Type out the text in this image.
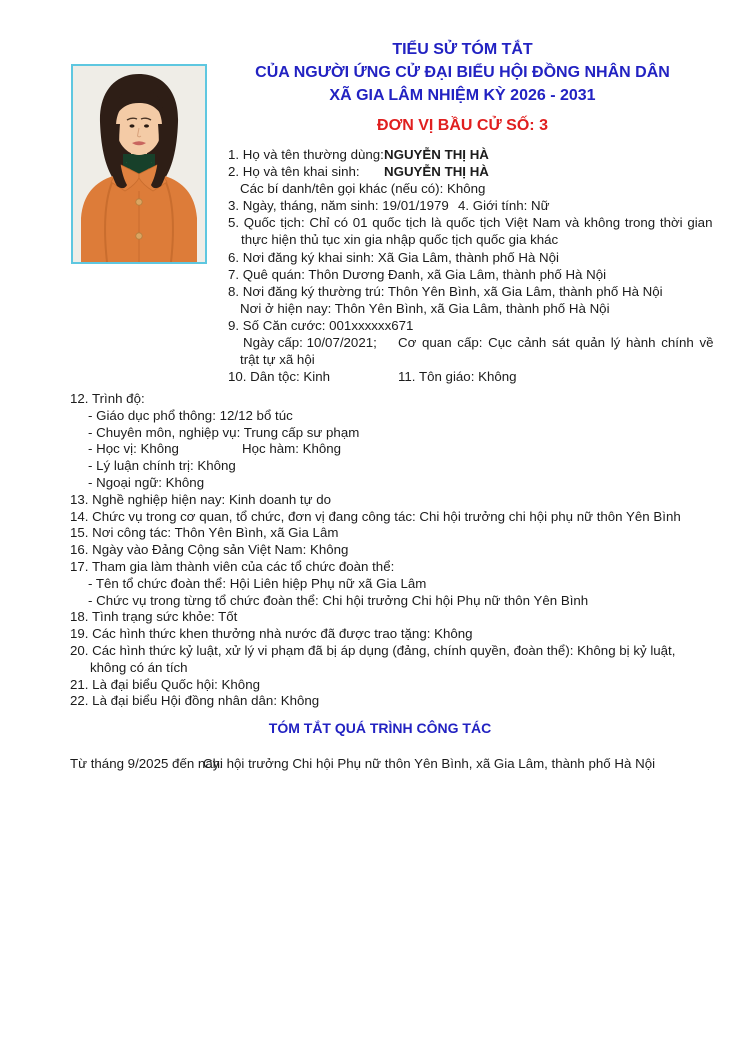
TIỂU SỬ TÓM TẮT
CỦA NGƯỜI ỨNG CỬ ĐẠI BIỂU HỘI ĐỒNG NHÂN DÂN
XÃ GIA LÂM NHIỆM KỲ 2026 - 2031
ĐƠN VỊ BẦU CỬ SỐ: 3
1. Họ và tên thường dùng: NGUYỄN THỊ HÀ
2. Họ và tên khai sinh: NGUYỄN THỊ HÀ
Các bí danh/tên gọi khác (nếu có): Không
3. Ngày, tháng, năm sinh: 19/01/1979 4. Giới tính: Nữ
5. Quốc tịch: Chỉ có 01 quốc tịch là quốc tịch Việt Nam và không trong thời gian
thực hiện thủ tục xin gia nhập quốc tịch quốc gia khác
6. Nơi đăng ký khai sinh: Xã Gia Lâm, thành phố Hà Nội
7. Quê quán: Thôn Dương Đanh, xã Gia Lâm, thành phố Hà Nội
8. Nơi đăng ký thường trú: Thôn Yên Bình, xã Gia Lâm, thành phố Hà Nội
Nơi ở hiện nay: Thôn Yên Bình, xã Gia Lâm, thành phố Hà Nội
9. Số Căn cước: 001xxxxxx671
Ngày cấp: 10/07/2021; Cơ quan cấp: Cục cảnh sát quản lý hành chính về
trật tự xã hội
10. Dân tộc: Kinh	11. Tôn giáo: Không
12. Trình độ:
- Giáo dục phổ thông: 12/12 bổ túc
- Chuyên môn, nghiệp vụ: Trung cấp sư phạm
- Học vị: Không	Học hàm: Không
- Lý luận chính trị: Không
- Ngoại ngữ: Không
13. Nghề nghiệp hiện nay: Kinh doanh tự do
14. Chức vụ trong cơ quan, tổ chức, đơn vị đang công tác: Chi hội trưởng chi hội phụ nữ thôn Yên Bình
15. Nơi công tác: Thôn Yên Bình, xã Gia Lâm
16. Ngày vào Đảng Cộng sản Việt Nam: Không
17. Tham gia làm thành viên của các tổ chức đoàn thể:
- Tên tổ chức đoàn thể: Hội Liên hiệp Phụ nữ xã Gia Lâm
- Chức vụ trong từng tổ chức đoàn thể: Chi hội trưởng Chi hội Phụ nữ thôn Yên Bình
18. Tình trạng sức khỏe: Tốt
19. Các hình thức khen thưởng nhà nước đã được trao tặng: Không
20. Các hình thức kỷ luật, xử lý vi phạm đã bị áp dụng (đảng, chính quyền, đoàn thể): Không bị kỷ luật,
không có án tích
21. Là đại biểu Quốc hội: Không
22. Là đại biểu Hội đồng nhân dân: Không
TÓM TẮT QUÁ TRÌNH CÔNG TÁC
Từ tháng 9/2025 đến nay:
Chi hội trưởng Chi hội Phụ nữ thôn Yên Bình, xã Gia Lâm, thành phố Hà Nội
